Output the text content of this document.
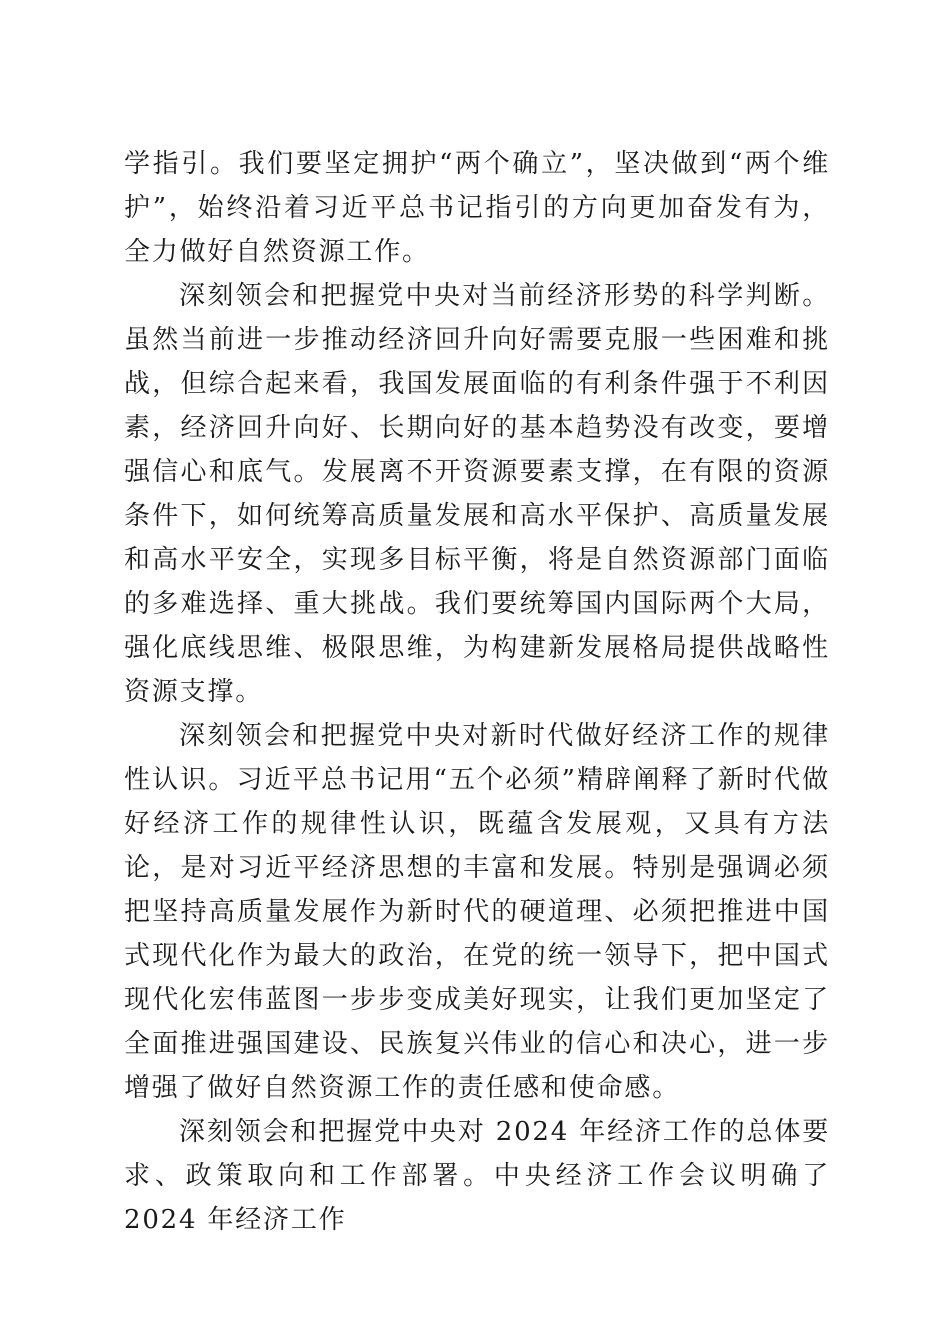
学指引。我们要坚定拥护“两个确立”，坚决做到“两个维护”，始终沿着习近平总书记指引的方向更加奋发有为，全力做好自然资源工作。

深刻领会和把握党中央对当前经济形势的科学判断。虽然当前进一步推动经济回升向好需要克服一些困难和挑战，但综合起来看，我国发展面临的有利条件强于不利因素，经济回升向好、长期向好的基本趋势没有改变，要增强信心和底气。发展离不开资源要素支撑，在有限的资源条件下，如何统筹高质量发展和高水平保护、高质量发展和高水平安全，实现多目标平衡，将是自然资源部门面临的多难选择、重大挑战。我们要统筹国内国际两个大局，强化底线思维、极限思维，为构建新发展格局提供战略性资源支撑。

深刻领会和把握党中央对新时代做好经济工作的规律性认识。习近平总书记用“五个必须”精辟阐释了新时代做好经济工作的规律性认识，既蕴含发展观，又具有方法论，是对习近平经济思想的丰富和发展。特别是强调必须把坚持高质量发展作为新时代的硬道理、必须把推进中国式现代化作为最大的政治，在党的统一领导下，把中国式现代化宏伟蓝图一步步变成美好现实，让我们更加坚定了全面推进强国建设、民族复兴伟业的信心和决心，进一步增强了做好自然资源工作的责任感和使命感。

深刻领会和把握党中央对 2024 年经济工作的总体要求、政策取向和工作部署。中央经济工作会议明确了 2024 年经济工作
